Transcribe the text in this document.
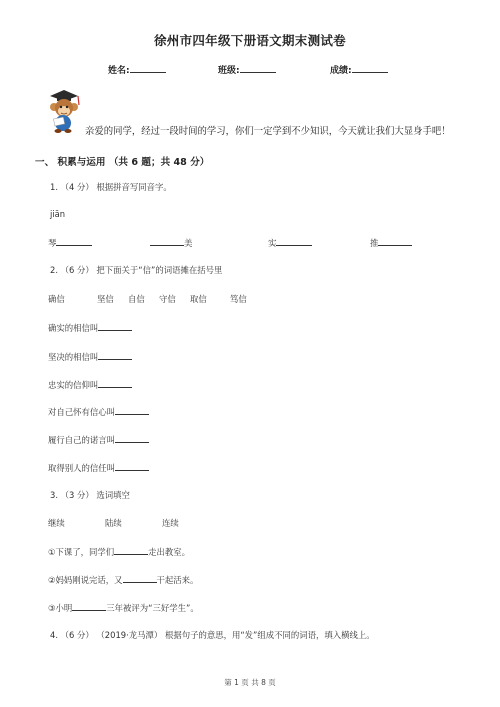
徐州市四年级下册语文期末测试卷
姓名:	班级:	成绩:
亲爱的同学，经过一段时间的学习，你们一定学到不少知识，今天就让我们大显身手吧！
一、 积累与运用 （共 6 题；共 48 分）
1. （4 分） 根据拼音写同音字。
jiān
琴	美	实	推
2. （6 分） 把下面关于“信”的词语摊在括号里
确信	坚信 自信 守信 取信	笃信
确实的相信叫
坚决的相信叫
忠实的信仰叫
对自己怀有信心叫
履行自己的诺言叫
取得别人的信任叫
3. （3 分） 选词填空
继续	陆续	连续
①下课了，同学们	走出教室。
②妈妈刚说完话，又	干起活来。
③小明	三年被评为“三好学生”。
4. （6 分） （2019·龙马潭） 根据句子的意思，用“发”组成不同的词语，填入横线上。
第 1 页 共 8 页
